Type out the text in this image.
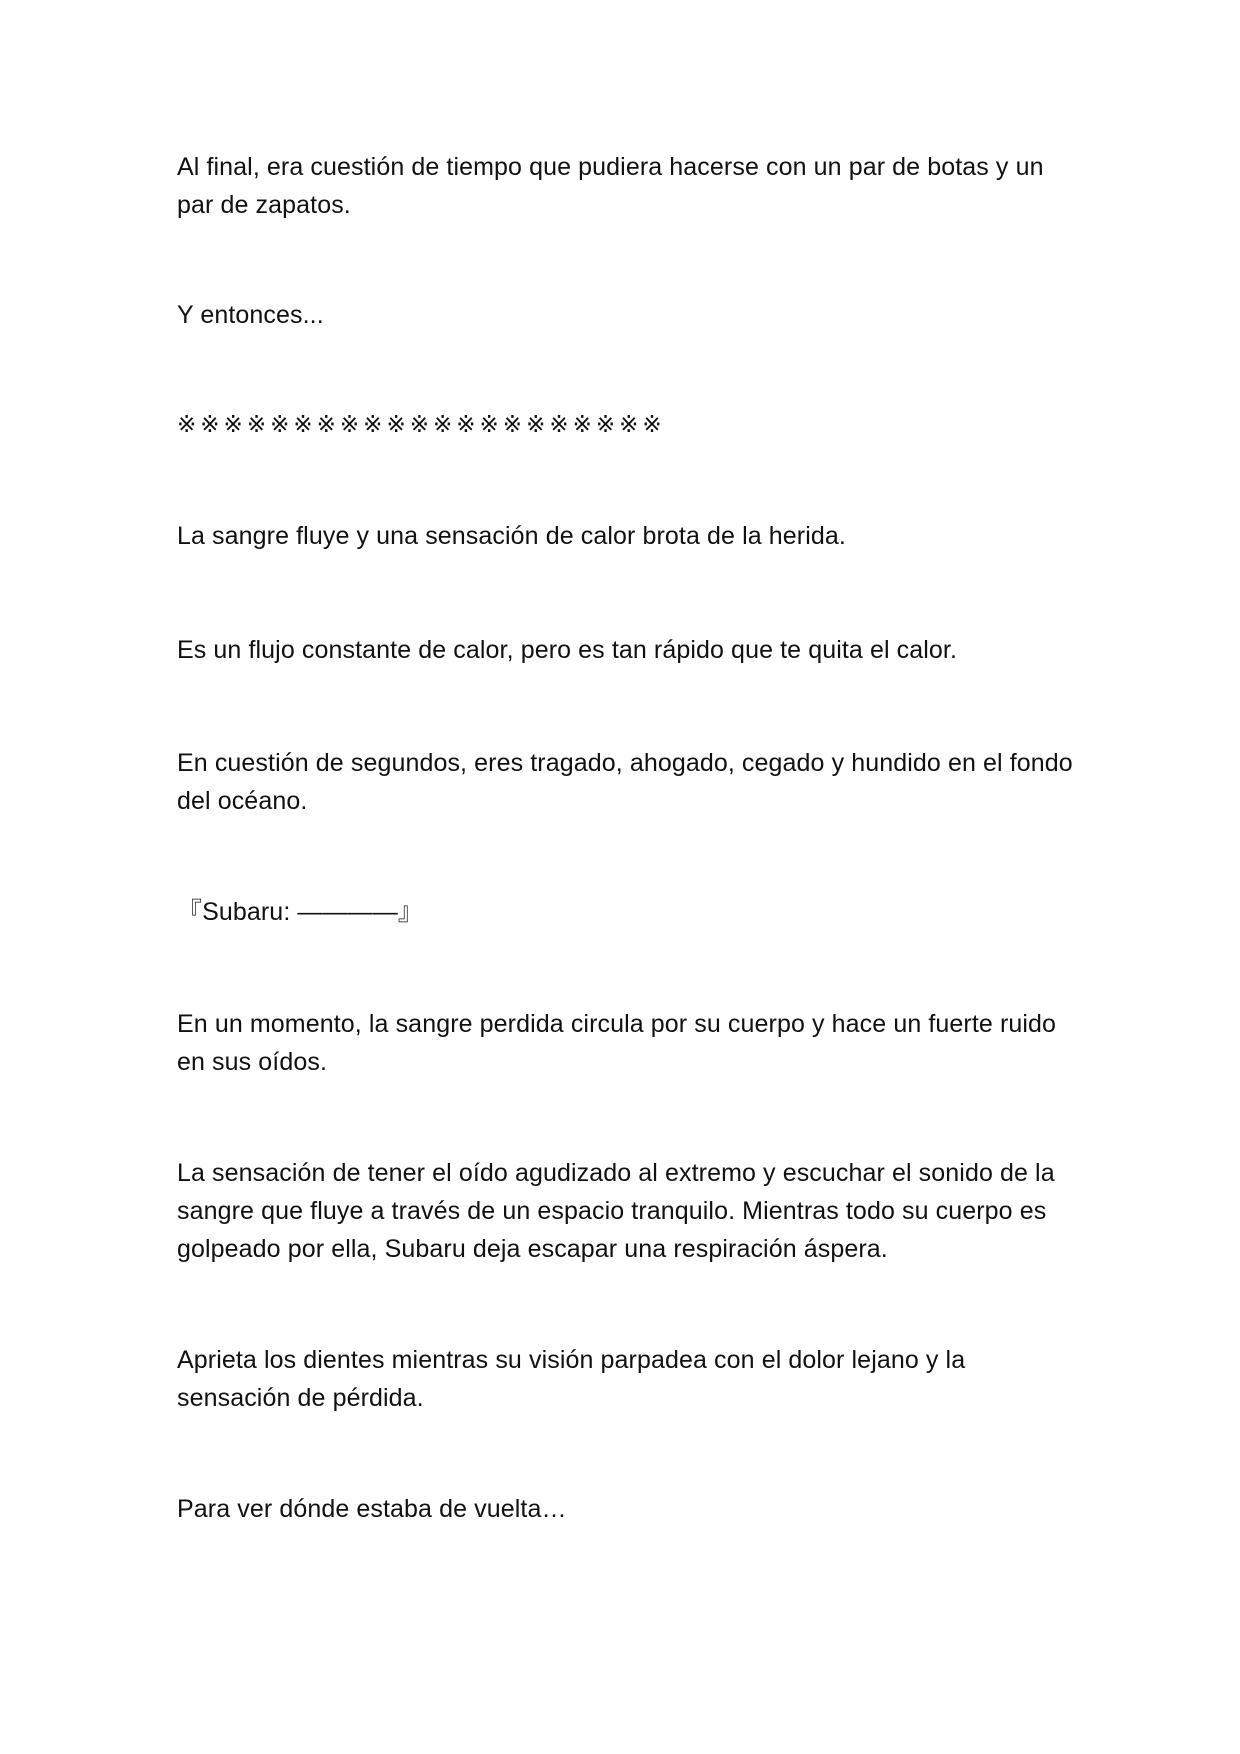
Al final, era cuestión de tiempo que pudiera hacerse con un par de botas y un par de zapatos.

Y entonces...

※※※※※※※※※※※※※※※※※※※※※

La sangre fluye y una sensación de calor brota de la herida.

Es un flujo constante de calor, pero es tan rápido que te quita el calor.

En cuestión de segundos, eres tragado, ahogado, cegado y hundido en el fondo del océano.

『Subaru: ————』

En un momento, la sangre perdida circula por su cuerpo y hace un fuerte ruido en sus oídos.

La sensación de tener el oído agudizado al extremo y escuchar el sonido de la sangre que fluye a través de un espacio tranquilo. Mientras todo su cuerpo es golpeado por ella, Subaru deja escapar una respiración áspera.

Aprieta los dientes mientras su visión parpadea con el dolor lejano y la sensación de pérdida.

Para ver dónde estaba de vuelta…
